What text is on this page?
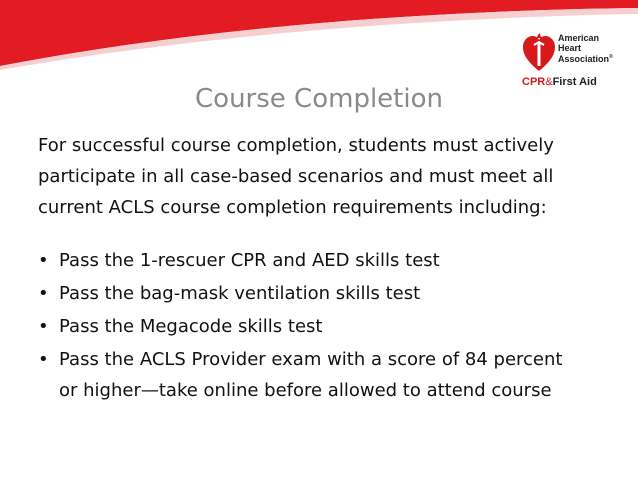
American
Heart
Association®
CPR&First Aid
Course Completion

For successful course completion, students must actively
participate in all case-based scenarios and must meet all
current ACLS course completion requirements including:

• Pass the 1-rescuer CPR and AED skills test
• Pass the bag-mask ventilation skills test
• Pass the Megacode skills test
• Pass the ACLS Provider exam with a score of 84 percent
or higher—take online before allowed to attend course
